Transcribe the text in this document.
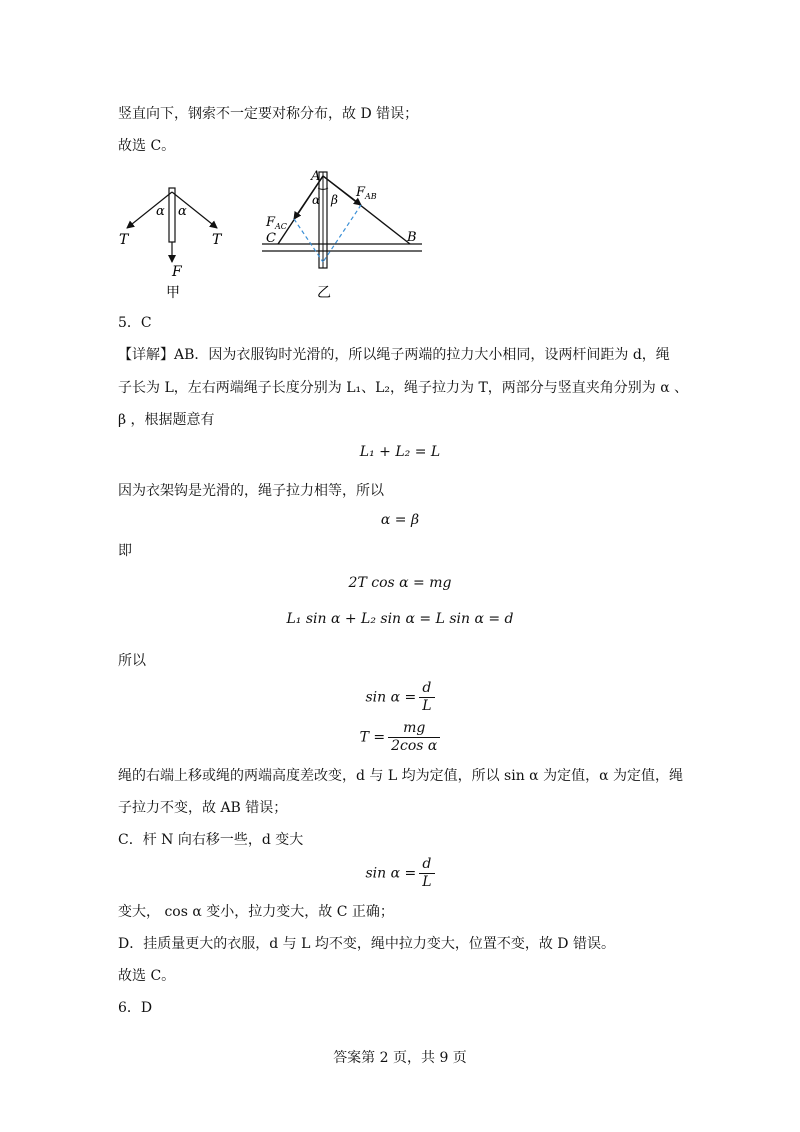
竖直向下，钢索不一定要对称分布，故 D 错误；
故选 C。
α α
T	T
F
甲
A
B
C
α β $F_{AB}$
$F_{AC}$
乙
5．C
【详解】AB．因为衣服钩时光滑的，所以绳子两端的拉力大小相同，设两杆间距为 d，绳
子长为 L，左右两端绳子长度分别为 L₁、L₂，绳子拉力为 T，两部分与竖直夹角分别为 α 、
β ，根据题意有
L₁ + L₂ = L
因为衣架钩是光滑的，绳子拉力相等，所以
α = β
即
2T cos α = mg
L₁ sin α + L₂ sin α = L sin α = d
所以
$\sin \alpha = \frac{d}{L}$
$T = \frac{mg}{\text{2cos α}}$
绳的右端上移或绳的两端高度差改变，d 与 L 均为定值，所以 sin α 为定值，α 为定值，绳
子拉力不变，故 AB 错误；
C．杆 N 向右移一些，d 变大
$\sin \alpha = \frac{d}{L}$
变大， cos α 变小，拉力变大，故 C 正确；
D．挂质量更大的衣服，d 与 L 均不变，绳中拉力变大，位置不变，故 D 错误。
故选 C。
6．D
答案第 2 页，共 9 页
